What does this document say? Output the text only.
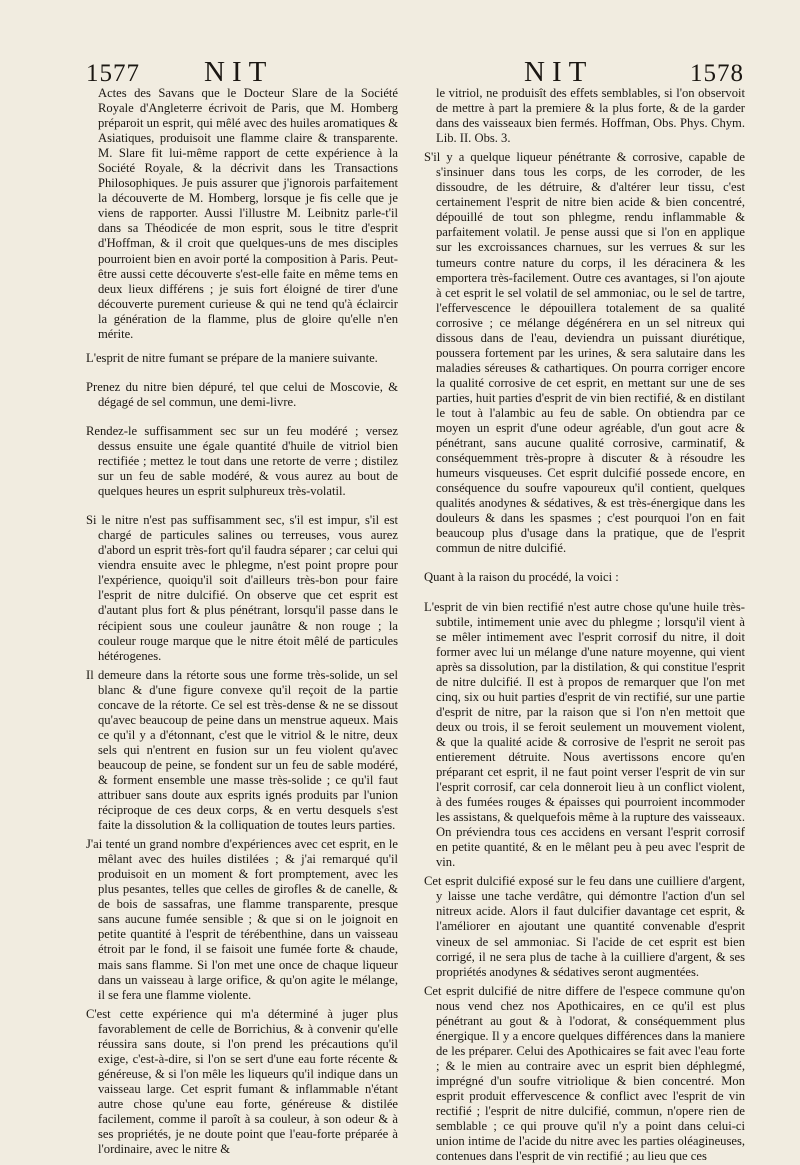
1577 NIT	NIT	1578

Actes des Savans que le Docteur Slare de la Société Royale d'Angleterre écrivoit de Paris, que M. Homberg préparoit un esprit, qui mêlé avec des huiles aromatiques & Asiatiques, produisoit une flamme claire & transparente. M. Slare fit lui-même rapport de cette expérience à la Société Royale, & la décrivit dans les Transactions Philosophiques. Je puis assurer que j'ignorois parfaitement la découverte de M. Homberg, lorsque je fis celle que je viens de rapporter. Aussi l'illustre M. Leibnitz parle-t'il dans sa Théodicée de mon esprit, sous le titre d'esprit d'Hoffman, & il croit que quelques-uns de mes disciples pourroient bien en avoir porté la composition à Paris. Peut-être aussi cette découverte s'est-elle faite en même tems en deux lieux différens ; je suis fort éloigné de tirer d'une découverte purement curieuse & qui ne tend qu'à éclaircir la génération de la flamme, plus de gloire qu'elle n'en mérite.

L'esprit de nitre fumant se prépare de la maniere suivante.

Prenez du nitre bien dépuré, tel que celui de Moscovie, & dégagé de sel commun, une demi-livre.

Rendez-le suffisamment sec sur un feu modéré ; versez dessus ensuite une égale quantité d'huile de vitriol bien rectifiée ; mettez le tout dans une retorte de verre ; distilez sur un feu de sable modéré, & vous aurez au bout de quelques heures un esprit sulphureux très-volatil.

Si le nitre n'est pas suffisamment sec, s'il est impur, s'il est chargé de particules salines ou terreuses, vous aurez d'abord un esprit très-fort qu'il faudra séparer ; car celui qui viendra ensuite avec le phlegme, n'est point propre pour l'expérience, quoiqu'il soit d'ailleurs très-bon pour faire l'esprit de nitre dulcifié. On observe que cet esprit est d'autant plus fort & plus pénétrant, lorsqu'il passe dans le récipient sous une couleur jaunâtre & non rouge ; la couleur rouge marque que le nitre étoit mêlé de particules hétérogenes.

Il demeure dans la rétorte sous une forme très-solide, un sel blanc & d'une figure convexe qu'il reçoit de la partie concave de la rétorte. Ce sel est très-dense & ne se dissout qu'avec beaucoup de peine dans un menstrue aqueux. Mais ce qu'il y a d'étonnant, c'est que le vitriol & le nitre, deux sels qui n'entrent en fusion sur un feu violent qu'avec beaucoup de peine, se fondent sur un feu de sable modéré, & forment ensemble une masse très-solide ; ce qu'il faut attribuer sans doute aux esprits ignés produits par l'union réciproque de ces deux corps, & en vertu desquels s'est faite la dissolution & la colliquation de toutes leurs parties.

J'ai tenté un grand nombre d'expériences avec cet esprit, en le mêlant avec des huiles distilées ; & j'ai remarqué qu'il produisoit en un moment & fort promptement, avec les plus pesantes, telles que celles de girofles & de canelle, & de bois de sassafras, une flamme transparente, presque sans aucune fumée sensible ; & que si on le joignoit en petite quantité à l'esprit de térébenthine, dans un vaisseau étroit par le fond, il se faisoit une fumée forte & chaude, mais sans flamme. Si l'on met une once de chaque liqueur dans un vaisseau à large orifice, & qu'on agite le mélange, il se fera une flamme violente.

C'est cette expérience qui m'a déterminé à juger plus favorablement de celle de Borrichius, & à convenir qu'elle réussira sans doute, si l'on prend les précautions qu'il exige, c'est-à-dire, si l'on se sert d'une eau forte récente & généreuse, & si l'on mêle les liqueurs qu'il indique dans un vaisseau large. Cet esprit fumant & inflammable n'étant autre chose qu'une eau forte, généreuse & distilée facilement, comme il paroît à sa couleur, à son odeur & à ses propriétés, je ne doute point que l'eau-forte préparée à l'ordinaire, avec le nitre &

le vitriol, ne produisît des effets semblables, si l'on observoit de mettre à part la premiere & la plus forte, & de la garder dans des vaisseaux bien fermés. Hoffman, Obs. Phys. Chym. Lib. II. Obs. 3.

S'il y a quelque liqueur pénétrante & corrosive, capable de s'insinuer dans tous les corps, de les corroder, de les dissoudre, de les détruire, & d'altérer leur tissu, c'est certainement l'esprit de nitre bien acide & bien concentré, dépouillé de tout son phlegme, rendu inflammable & parfaitement volatil. Je pense aussi que si l'on en applique sur les excroissances charnues, sur les verrues & sur les tumeurs contre nature du corps, il les déracinera & les emportera très-facilement. Outre ces avantages, si l'on ajoute à cet esprit le sel volatil de sel ammoniac, ou le sel de tartre, l'effervescence le dépouillera totalement de sa qualité corrosive ; ce mélange dégénérera en un sel nitreux qui dissous dans de l'eau, deviendra un puissant diurétique, poussera fortement par les urines, & sera salutaire dans les maladies séreuses & cathartiques. On pourra corriger encore la qualité corrosive de cet esprit, en mettant sur une de ses parties, huit parties d'esprit de vin bien rectifié, & en distilant le tout à l'alambic au feu de sable. On obtiendra par ce moyen un esprit d'une odeur agréable, d'un gout acre & pénétrant, sans aucune qualité corrosive, carminatif, & conséquemment très-propre à discuter & à résoudre les humeurs visqueuses. Cet esprit dulcifié possede encore, en conséquence du soufre vapoureux qu'il contient, quelques qualités anodynes & sédatives, & est très-énergique dans les douleurs & dans les spasmes ; c'est pourquoi l'on en fait beaucoup plus d'usage dans la pratique, que de l'esprit commun de nitre dulcifié.

Quant à la raison du procédé, la voici :

L'esprit de vin bien rectifié n'est autre chose qu'une huile très-subtile, intimement unie avec du phlegme ; lorsqu'il vient à se mêler intimement avec l'esprit corrosif du nitre, il doit former avec lui un mélange d'une nature moyenne, qui vient après sa dissolution, par la distilation, & qui constitue l'esprit de nitre dulcifié. Il est à propos de remarquer que l'on met cinq, six ou huit parties d'esprit de vin rectifié, sur une partie d'esprit de nitre, par la raison que si l'on n'en mettoit que deux ou trois, il se feroit seulement un mouvement violent, & que la qualité acide & corrosive de l'esprit ne seroit pas entierement détruite. Nous avertissons encore qu'en préparant cet esprit, il ne faut point verser l'esprit de vin sur l'esprit corrosif, car cela donneroit lieu à un conflict violent, à des fumées rouges & épaisses qui pourroient incommoder les assistans, & quelquefois même à la rupture des vaisseaux. On préviendra tous ces accidens en versant l'esprit corrosif en petite quantité, & en le mêlant peu à peu avec l'esprit de vin.

Cet esprit dulcifié exposé sur le feu dans une cuilliere d'argent, y laisse une tache verdâtre, qui démontre l'action d'un sel nitreux acide. Alors il faut dulcifier davantage cet esprit, & l'améliorer en ajoutant une quantité convenable d'esprit vineux de sel ammoniac. Si l'acide de cet esprit est bien corrigé, il ne sera plus de tache à la cuilliere d'argent, & ses propriétés anodynes & sédatives seront augmentées.

Cet esprit dulcifié de nitre differe de l'espece commune qu'on nous vend chez nos Apothicaires, en ce qu'il est plus pénétrant au gout & à l'odorat, & conséquemment plus énergique. Il y a encore quelques différences dans la maniere de les préparer. Celui des Apothicaires se fait avec l'eau forte ; & le mien au contraire avec un esprit bien déphlegmé, imprégné d'un soufre vitriolique & bien concentré. Mon esprit produit effervescence & conflict avec l'esprit de vin rectifié ; l'esprit de nitre dulcifié, commun, n'opere rien de semblable ; ce qui prouve qu'il n'y a point dans celui-ci union intime de l'acide du nitre avec les parties oléagineuses, contenues dans l'esprit de vin rectifié ; au lieu que ces
